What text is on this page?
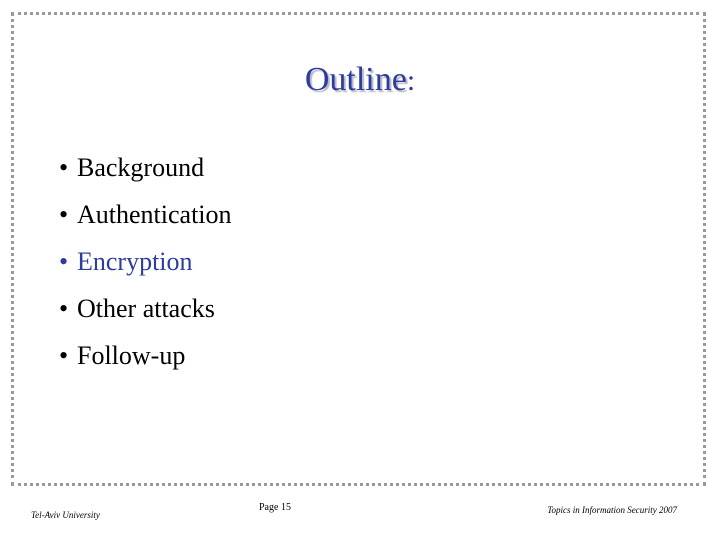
Outline:
• Background
• Authentication
• Encryption
• Other attacks
• Follow-up
Tel-Aviv University
Page 15	Topics in Information Security 2007
